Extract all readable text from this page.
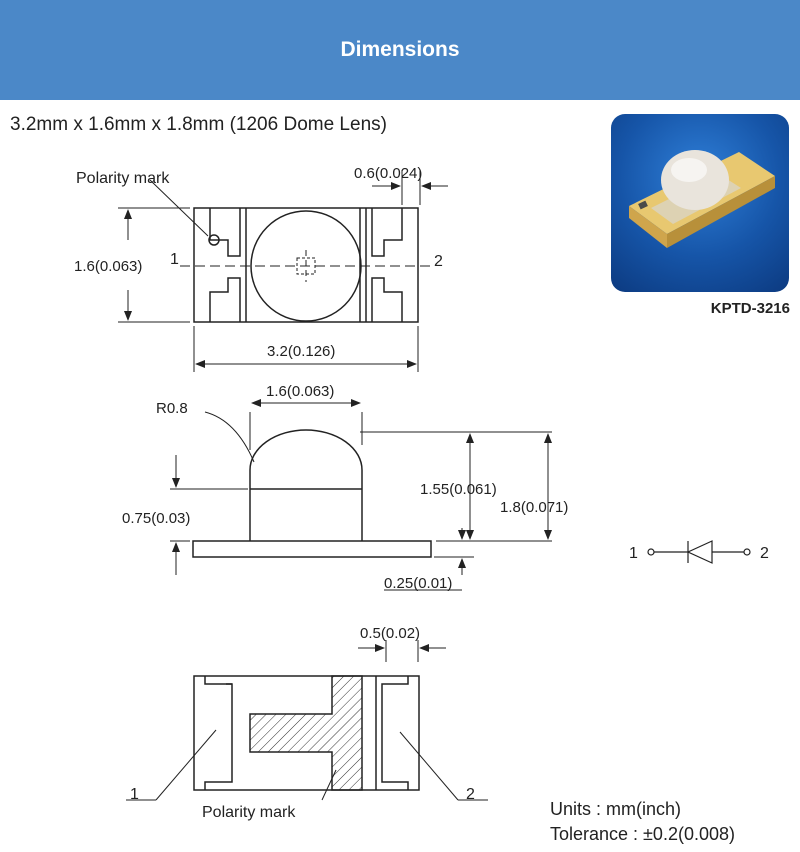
Dimensions
3.2mm x 1.6mm x 1.8mm (1206 Dome Lens)
KPTD-3216
Polarity mark	0.6(0.024)
1.6(0.063)
3.2(0.126)
1	2
R0.8
1.6(0.063)
1.55(0.061)
1.8(0.071)
0.75(0.03)
0.25(0.01)
1	2
0.5(0.02)
1	2
Polarity mark	Units : mm(inch)
Tolerance : ±0.2(0.008)
